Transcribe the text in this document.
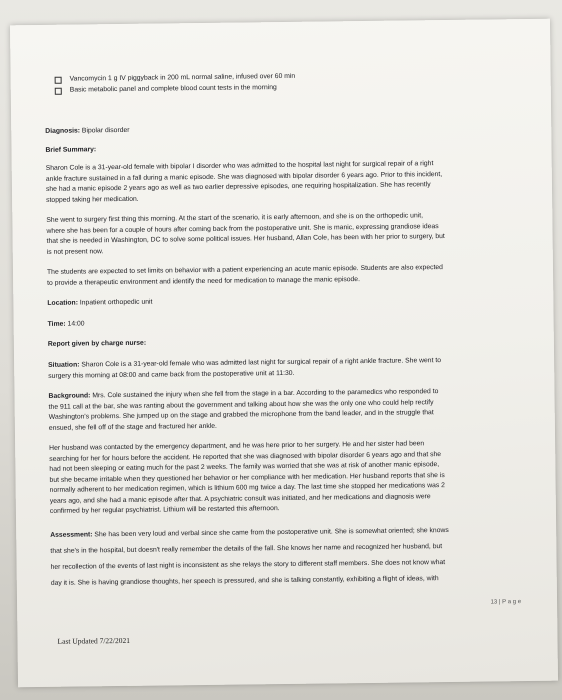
Vancomycin 1 g IV piggyback in 200 mL normal saline, infused over 60 min
Basic metabolic panel and complete blood count tests in the morning

Diagnosis: Bipolar disorder

Brief Summary:

Sharon Cole is a 31-year-old female with bipolar I disorder who was admitted to the hospital last night for surgical repair of a right
ankle fracture sustained in a fall during a manic episode. She was diagnosed with bipolar disorder 6 years ago. Prior to this incident,
she had a manic episode 2 years ago as well as two earlier depressive episodes, one requiring hospitalization. She has recently
stopped taking her medication.

She went to surgery first thing this morning. At the start of the scenario, it is early afternoon, and she is on the orthopedic unit,
where she has been for a couple of hours after coming back from the postoperative unit. She is manic, expressing grandiose ideas
that she is needed in Washington, DC to solve some political issues. Her husband, Allan Cole, has been with her prior to surgery, but
is not present now.

The students are expected to set limits on behavior with a patient experiencing an acute manic episode. Students are also expected
to provide a therapeutic environment and identify the need for medication to manage the manic episode.

Location: Inpatient orthopedic unit

Time: 14:00

Report given by charge nurse:

Situation: Sharon Cole is a 31-year-old female who was admitted last night for surgical repair of a right ankle fracture. She went to
surgery this morning at 08:00 and came back from the postoperative unit at 11:30.

Background: Mrs. Cole sustained the injury when she fell from the stage in a bar. According to the paramedics who responded to
the 911 call at the bar, she was ranting about the government and talking about how she was the only one who could help rectify
Washington's problems. She jumped up on the stage and grabbed the microphone from the band leader, and in the struggle that
ensued, she fell off of the stage and fractured her ankle.

Her husband was contacted by the emergency department, and he was here prior to her surgery. He and her sister had been
searching for her for hours before the accident. He reported that she was diagnosed with bipolar disorder 6 years ago and that she
had not been sleeping or eating much for the past 2 weeks. The family was worried that she was at risk of another manic episode,
but she became irritable when they questioned her behavior or her compliance with her medication. Her husband reports that she is
normally adherent to her medication regimen, which is lithium 600 mg twice a day. The last time she stopped her medications was 2
years ago, and she had a manic episode after that. A psychiatric consult was initiated, and her medications and diagnosis were
confirmed by her regular psychiatrist. Lithium will be restarted this afternoon.

Assessment: She has been very loud and verbal since she came from the postoperative unit. She is somewhat oriented; she knows
that she's in the hospital, but doesn't really remember the details of the fall. She knows her name and recognized her husband, but
her recollection of the events of last night is inconsistent as she relays the story to different staff members. She does not know what
day it is. She is having grandiose thoughts, her speech is pressured, and she is talking constantly, exhibiting a flight of ideas, with

13 | P a g e
Last Updated 7/22/2021
